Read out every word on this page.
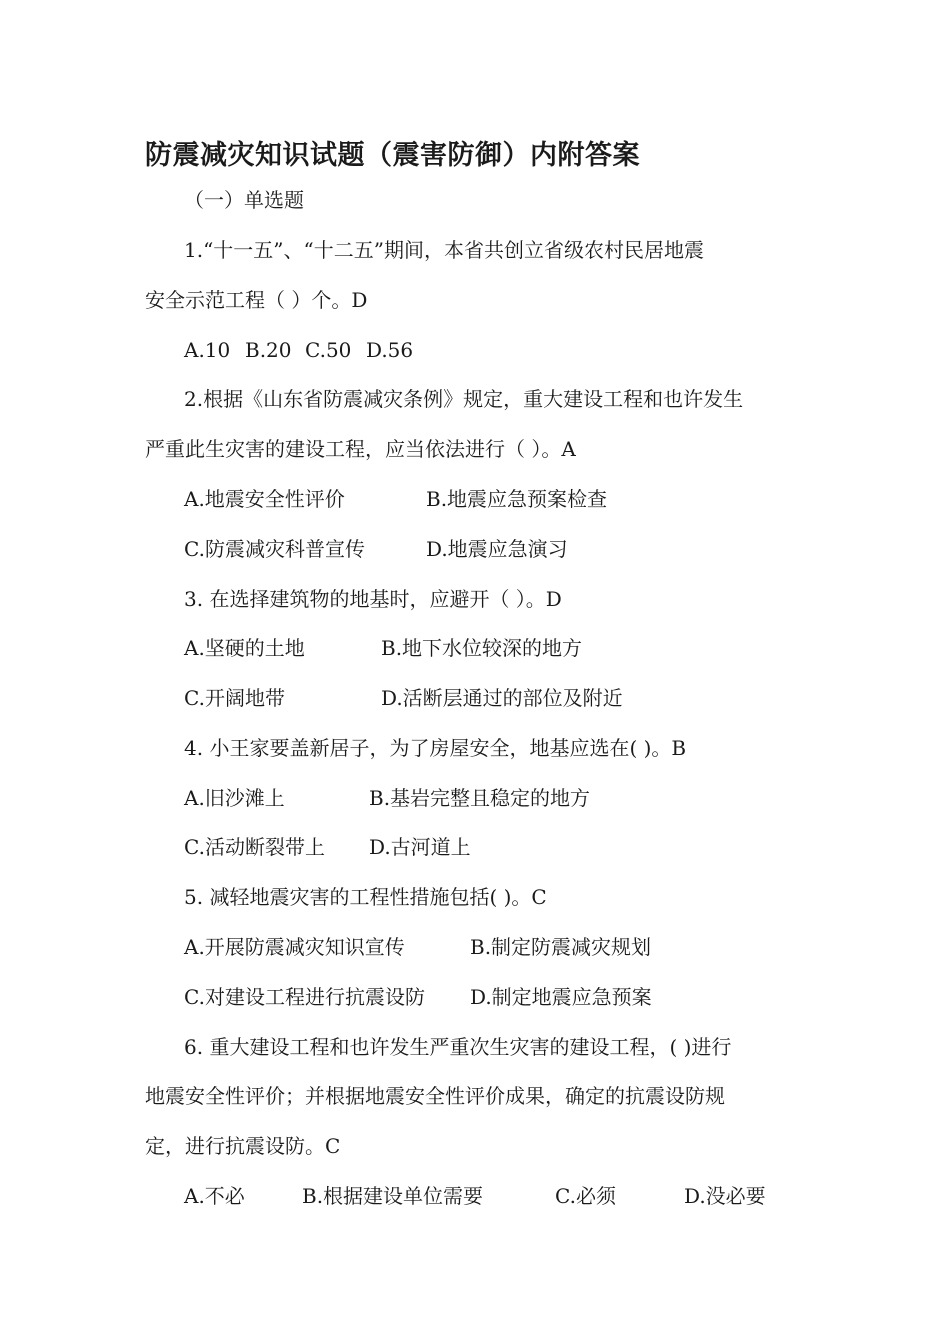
防震减灾知识试题（震害防御）内附答案
（一）单选题
1.“十一五”、“十二五”期间，本省共创立省级农村民居地震
安全示范工程（ ）个。D
A.10 B.20 C.50 D.56
2.根据《山东省防震减灾条例》规定，重大建设工程和也许发生
严重此生灾害的建设工程，应当依法进行（ ）。A
A.地震安全性评价	B.地震应急预案检查
C.防震减灾科普宣传	D.地震应急演习
3. 在选择建筑物的地基时，应避开（ ）。D
A.坚硬的土地	B.地下水位较深的地方
C.开阔地带	D.活断层通过的部位及附近
4. 小王家要盖新居子，为了房屋安全，地基应选在( )。B
A.旧沙滩上	B.基岩完整且稳定的地方
C.活动断裂带上 D.古河道上
5. 减轻地震灾害的工程性措施包括( )。C
A.开展防震减灾知识宣传	B.制定防震减灾规划
C.对建设工程进行抗震设防 D.制定地震应急预案
6. 重大建设工程和也许发生严重次生灾害的建设工程，( )进行
地震安全性评价；并根据地震安全性评价成果，确定的抗震设防规
定，进行抗震设防。C
A.不必	B.根据建设单位需要	C.必须	D.没必要
